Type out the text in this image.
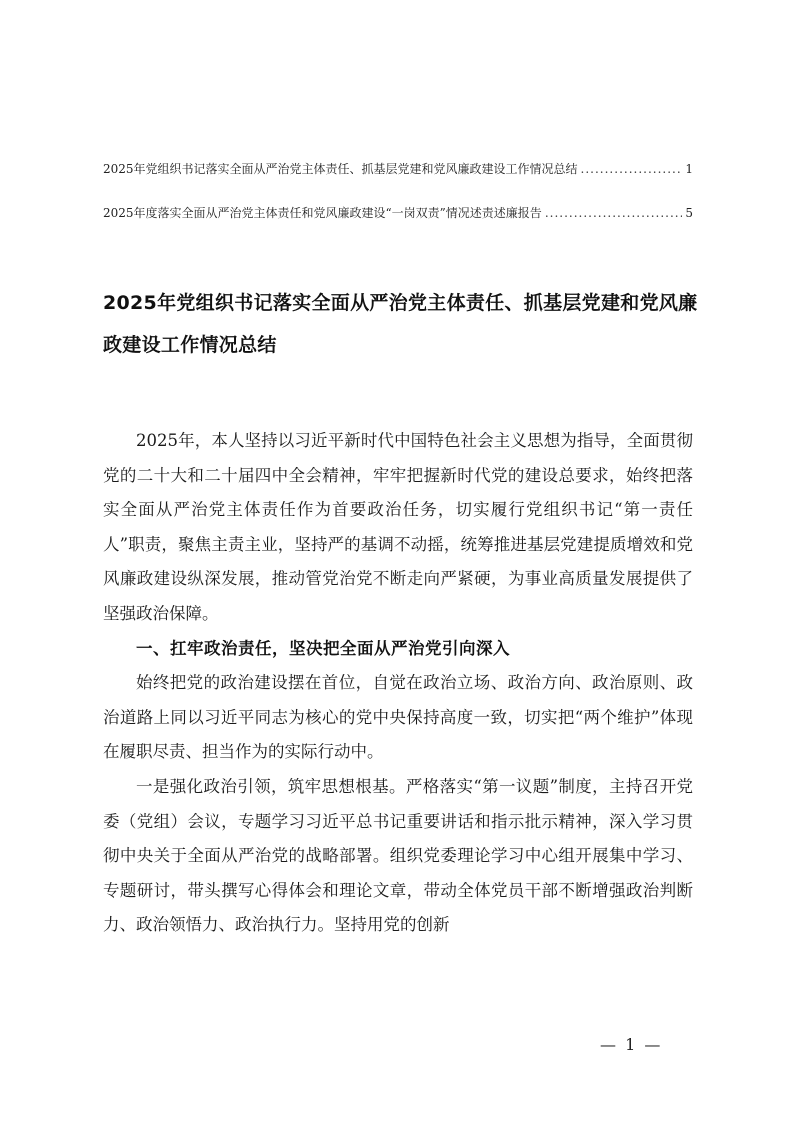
2025年党组织书记落实全面从严治党主体责任、抓基层党建和党风廉政建设工作情况总结 .....	1
2025年度落实全面从严治党主体责任和党风廉政建设“一岗双责”情况述责述廉报告 .....	5
2025年党组织书记落实全面从严治党主体责任、抓基层党建和党风廉政建设工作情况总结

2025年，本人坚持以习近平新时代中国特色社会主义思想为指导，全面贯彻党的二十大和二十届四中全会精神，牢牢把握新时代党的建设总要求，始终把落实全面从严治党主体责任作为首要政治任务，切实履行党组织书记“第一责任人”职责，聚焦主责主业，坚持严的基调不动摇，统筹推进基层党建提质增效和党风廉政建设纵深发展，推动管党治党不断走向严紧硬，为事业高质量发展提供了坚强政治保障。

一、扛牢政治责任，坚决把全面从严治党引向深入

始终把党的政治建设摆在首位，自觉在政治立场、政治方向、政治原则、政治道路上同以习近平同志为核心的党中央保持高度一致，切实把“两个维护”体现在履职尽责、担当作为的实际行动中。

一是强化政治引领，筑牢思想根基。严格落实“第一议题”制度，主持召开党委（党组）会议，专题学习习近平总书记重要讲话和指示批示精神，深入学习贯彻中央关于全面从严治党的战略部署。组织党委理论学习中心组开展集中学习、专题研讨，带头撰写心得体会和理论文章，带动全体党员干部不断增强政治判断力、政治领悟力、政治执行力。坚持用党的创新

— 1 —
